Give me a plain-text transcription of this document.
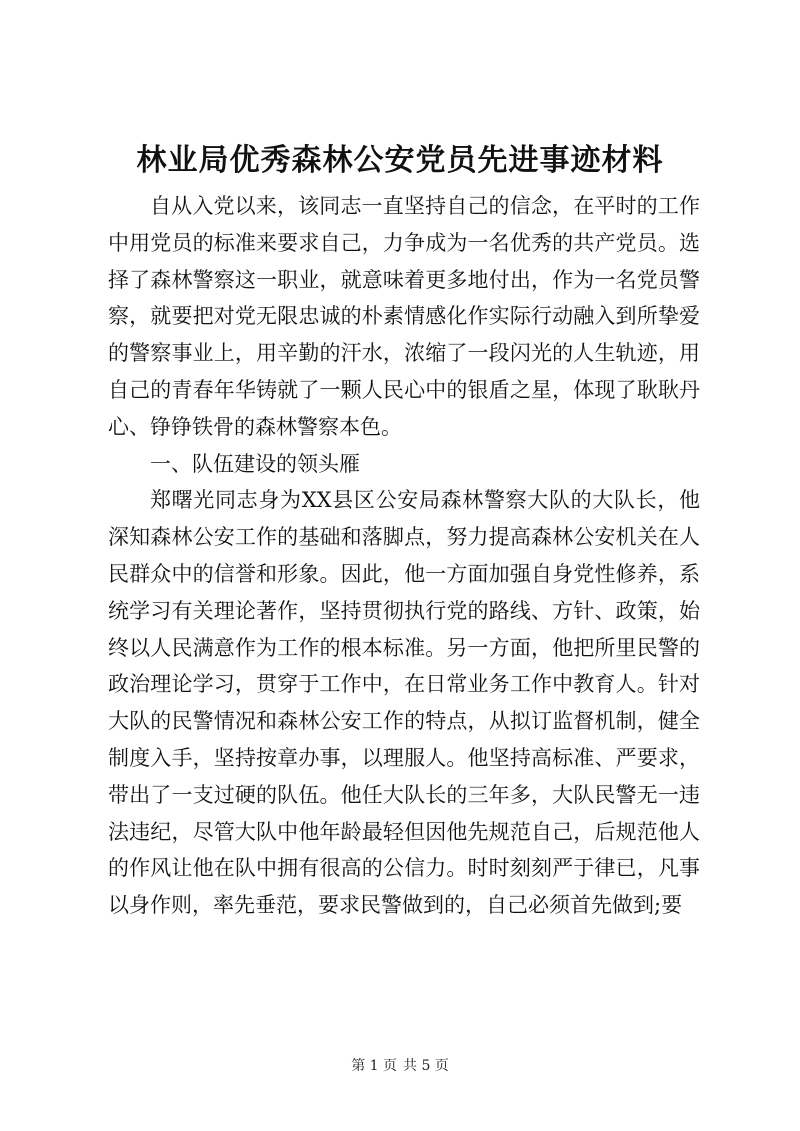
林业局优秀森林公安党员先进事迹材料

自从入党以来，该同志一直坚持自己的信念，在平时的工作中用党员的标准来要求自己，力争成为一名优秀的共产党员。选择了森林警察这一职业，就意味着更多地付出，作为一名党员警察，就要把对党无限忠诚的朴素情感化作实际行动融入到所挚爱的警察事业上，用辛勤的汗水，浓缩了一段闪光的人生轨迹，用自己的青春年华铸就了一颗人民心中的银盾之星，体现了耿耿丹心、铮铮铁骨的森林警察本色。

一、队伍建设的领头雁

郑曙光同志身为XX县区公安局森林警察大队的大队长，他深知森林公安工作的基础和落脚点，努力提高森林公安机关在人民群众中的信誉和形象。因此，他一方面加强自身党性修养，系统学习有关理论著作，坚持贯彻执行党的路线、方针、政策，始终以人民满意作为工作的根本标准。另一方面，他把所里民警的政治理论学习，贯穿于工作中，在日常业务工作中教育人。针对大队的民警情况和森林公安工作的特点，从拟订监督机制，健全制度入手，坚持按章办事，以理服人。他坚持高标准、严要求，带出了一支过硬的队伍。他任大队长的三年多，大队民警无一违法违纪，尽管大队中他年龄最轻但因他先规范自己，后规范他人的作风让他在队中拥有很高的公信力。时时刻刻严于律已，凡事以身作则，率先垂范，要求民警做到的，自己必须首先做到;要

第 1 页 共 5 页
